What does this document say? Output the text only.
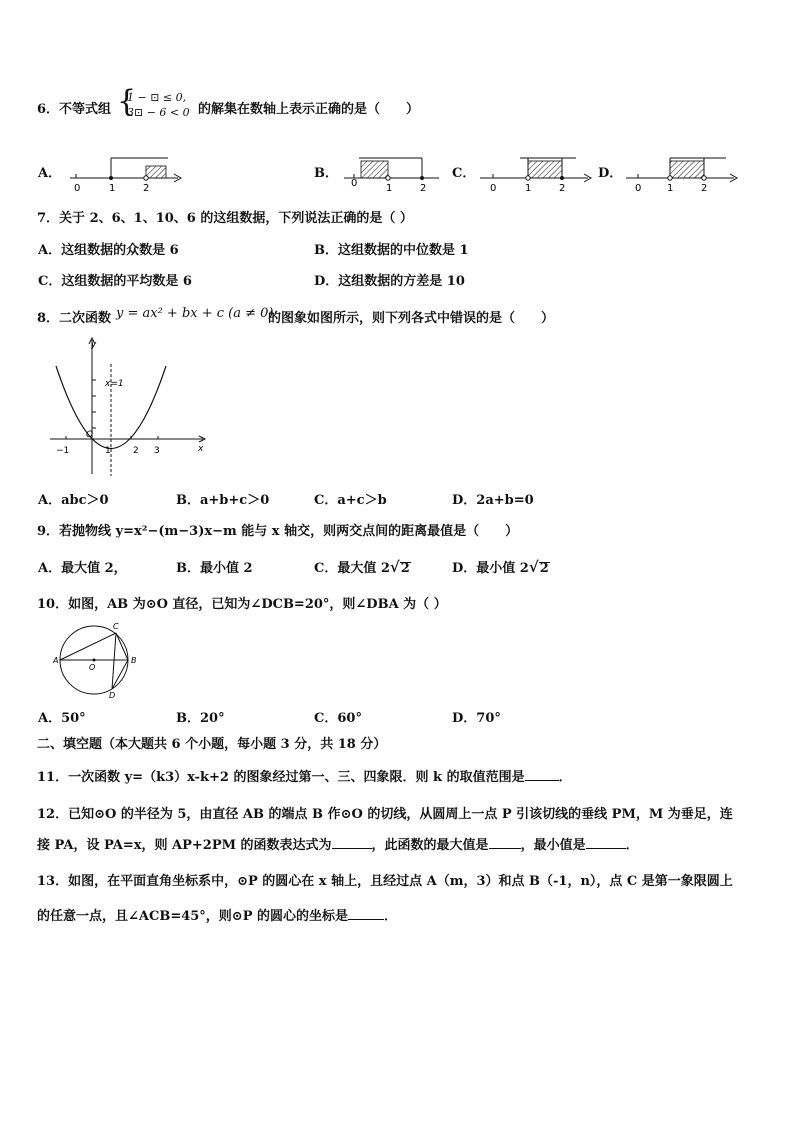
6．不等式组 {
1 − ⊡ ≤ 0,
3⊡ − 6 < 0 的解集在数轴上表示正确的是（　　）
A．
0	1	2
B．
0	1	2
C．
0	1	2
D．
0	1	2
7．关于 2、6、1、10、6 的这组数据，下列说法正确的是（ ）
A．这组数据的众数是 6	B．这组数据的中位数是 1
C．这组数据的平均数是 6	D．这组数据的方差是 10
8．二次函数 y = ax² + bx + c (a ≠ 0)
的图象如图所示，则下列各式中错误的是（　　）
y
x
x=1
O
−1	1 2 3
A．abc＞0	B．a+b+c＞0	C．a+c＞b	D．2a+b=0
9．若抛物线 y=x²−(m−3)x−m 能与 x 轴交，则两交点间的距离最值是（　　）
A．最大值 2，	B．最小值 2	C．最大值 2√2	D．最小值 2√2
10．如图，AB 为⊙O 直径，已知为∠DCB=20°，则∠DBA 为（ ）
A	B
C
D
O
A．50°	B．20°	C．60°	D．70°
二、填空题（本大题共 6 个小题，每小题 3 分，共 18 分）
11．一次函数 y=（k3）x-k+2 的图象经过第一、三、四象限．则 k 的取值范围是	．
12．已知⊙O 的半径为 5，由直径 AB 的端点 B 作⊙O 的切线，从圆周上一点 P 引该切线的垂线 PM，M 为垂足，连
接 PA，设 PA=x，则 AP+2PM 的函数表达式为	，此函数的最大值是 ，最小值是	．
13．如图，在平面直角坐标系中，⊙P 的圆心在 x 轴上，且经过点 A（m，3）和点 B（-1，n），点 C 是第一象限圆上
的任意一点，且∠ACB=45°，则⊙P 的圆心的坐标是	．
